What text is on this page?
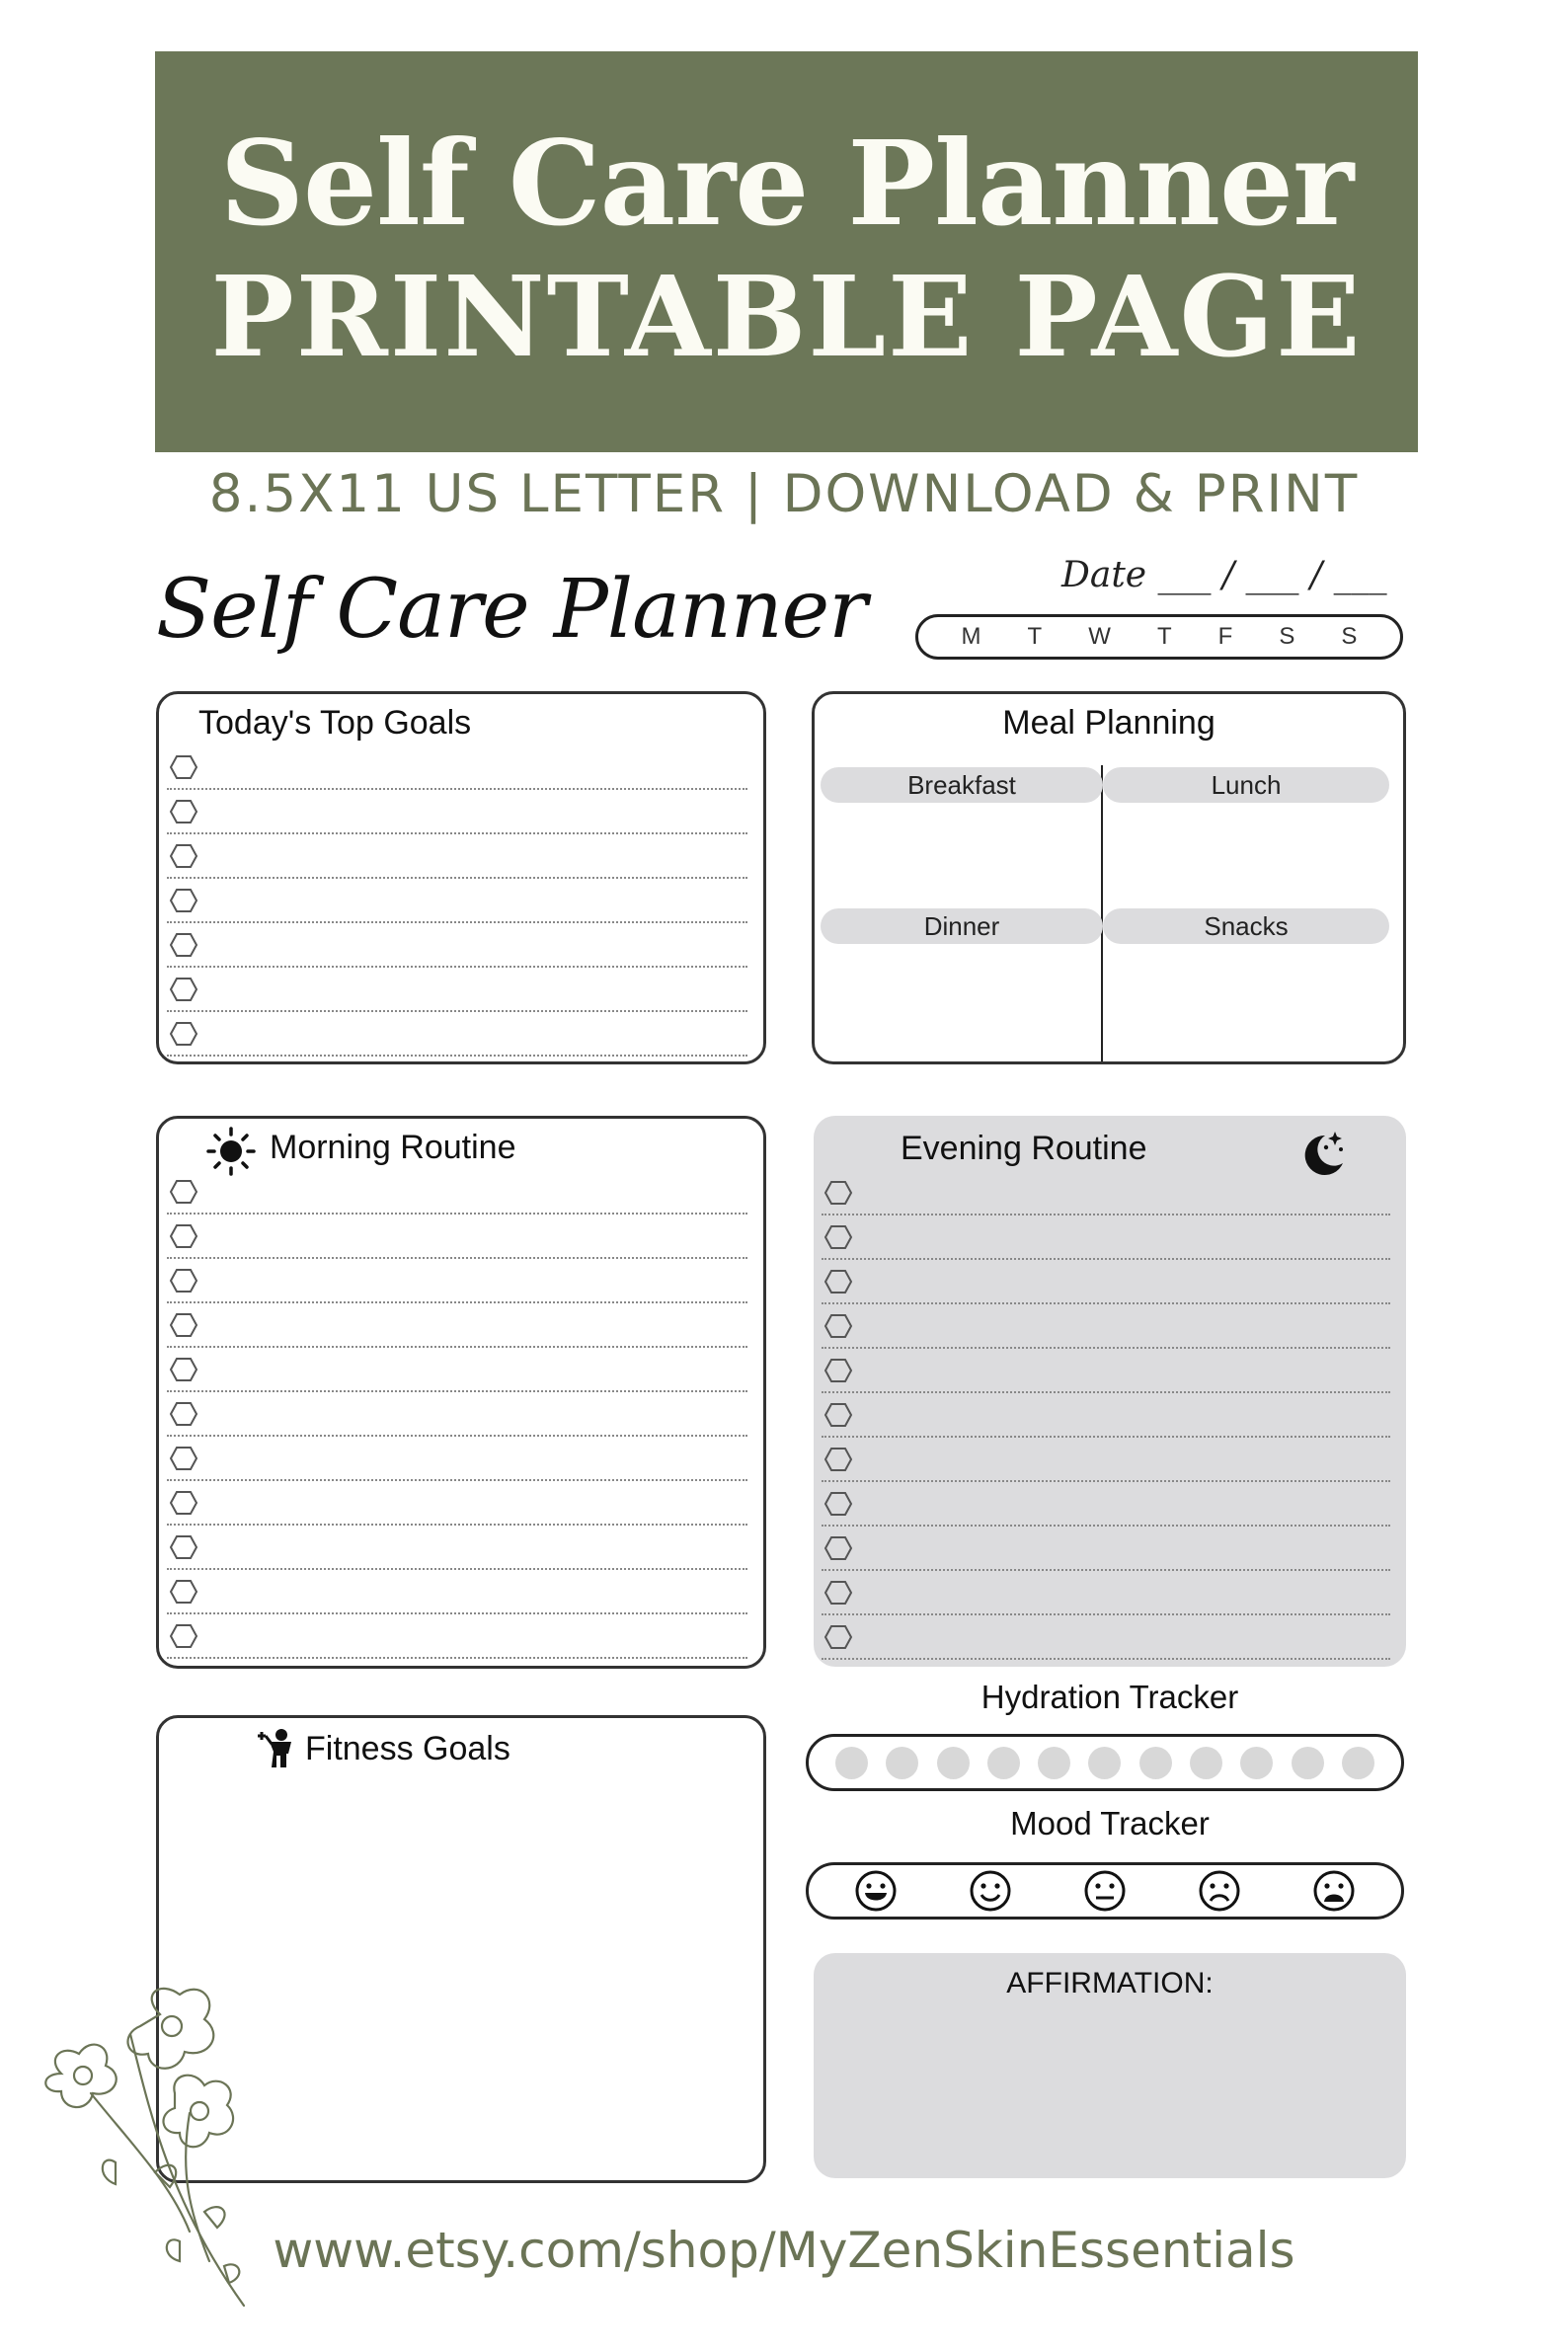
Self Care Planner
PRINTABLE PAGE
8.5X11 US LETTER | DOWNLOAD & PRINT
Self Care Planner	Date ___ / ___ / ___
M T W T F S S
Today's Top Goals	Meal Planning
Breakfast	Lunch
Dinner	Snacks
Morning Routine	Evening Routine
Fitness Goals
Hydration Tracker
Mood Tracker
AFFIRMATION:
www.etsy.com/shop/MyZenSkinEssentials
